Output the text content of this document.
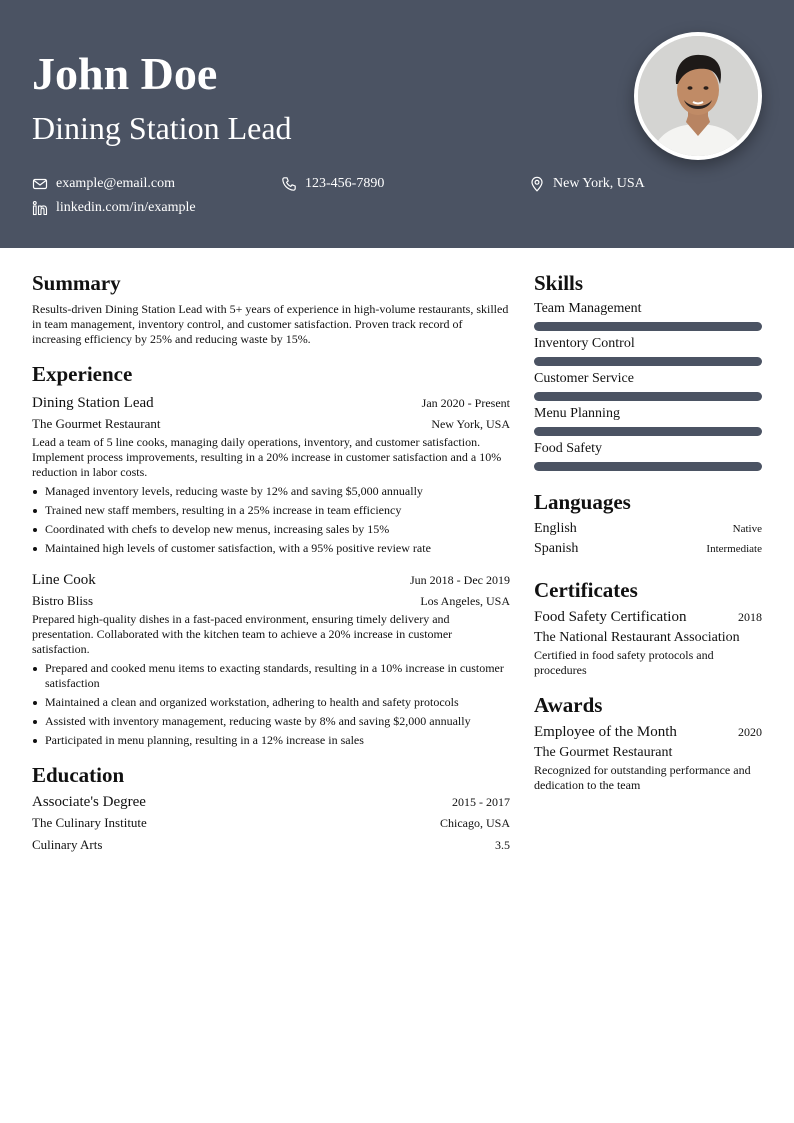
John Doe
Dining Station Lead
example@email.com	123-456-7890	New York, USA
linkedin.com/in/example
Summary

Results-driven Dining Station Lead with 5+ years of experience in high-volume restaurants, skilled in team management, inventory control, and customer satisfaction. Proven track record of increasing efficiency by 25% and reducing waste by 15%.

Experience
Dining Station Lead	Jan 2020 - Present
The Gourmet Restaurant	New York, USA

Lead a team of 5 line cooks, managing daily operations, inventory, and customer satisfaction. Implement process improvements, resulting in a 20% increase in customer satisfaction and a 10% reduction in labor costs.

Managed inventory levels, reducing waste by 12% and saving $5,000 annually
Trained new staff members, resulting in a 25% increase in team efficiency
Coordinated with chefs to develop new menus, increasing sales by 15%
Maintained high levels of customer satisfaction, with a 95% positive review rate
Line Cook	Jun 2018 - Dec 2019
Bistro Bliss	Los Angeles, USA

Prepared high-quality dishes in a fast-paced environment, ensuring timely delivery and presentation. Collaborated with the kitchen team to achieve a 20% increase in customer satisfaction.

Prepared and cooked menu items to exacting standards, resulting in a 10% increase in customer satisfaction
Maintained a clean and organized workstation, adhering to health and safety protocols
Assisted with inventory management, reducing waste by 8% and saving $2,000 annually
Participated in menu planning, resulting in a 12% increase in sales
Education
Associate's Degree	2015 - 2017
The Culinary Institute	Chicago, USA
Culinary Arts	3.5
Skills
Team Management
Inventory Control
Customer Service
Menu Planning
Food Safety
Languages
English	Native
Spanish	Intermediate
Certificates
Food Safety Certification	2018
The National Restaurant Association

Certified in food safety protocols and procedures

Awards
Employee of the Month	2020
The Gourmet Restaurant

Recognized for outstanding performance and dedication to the team
